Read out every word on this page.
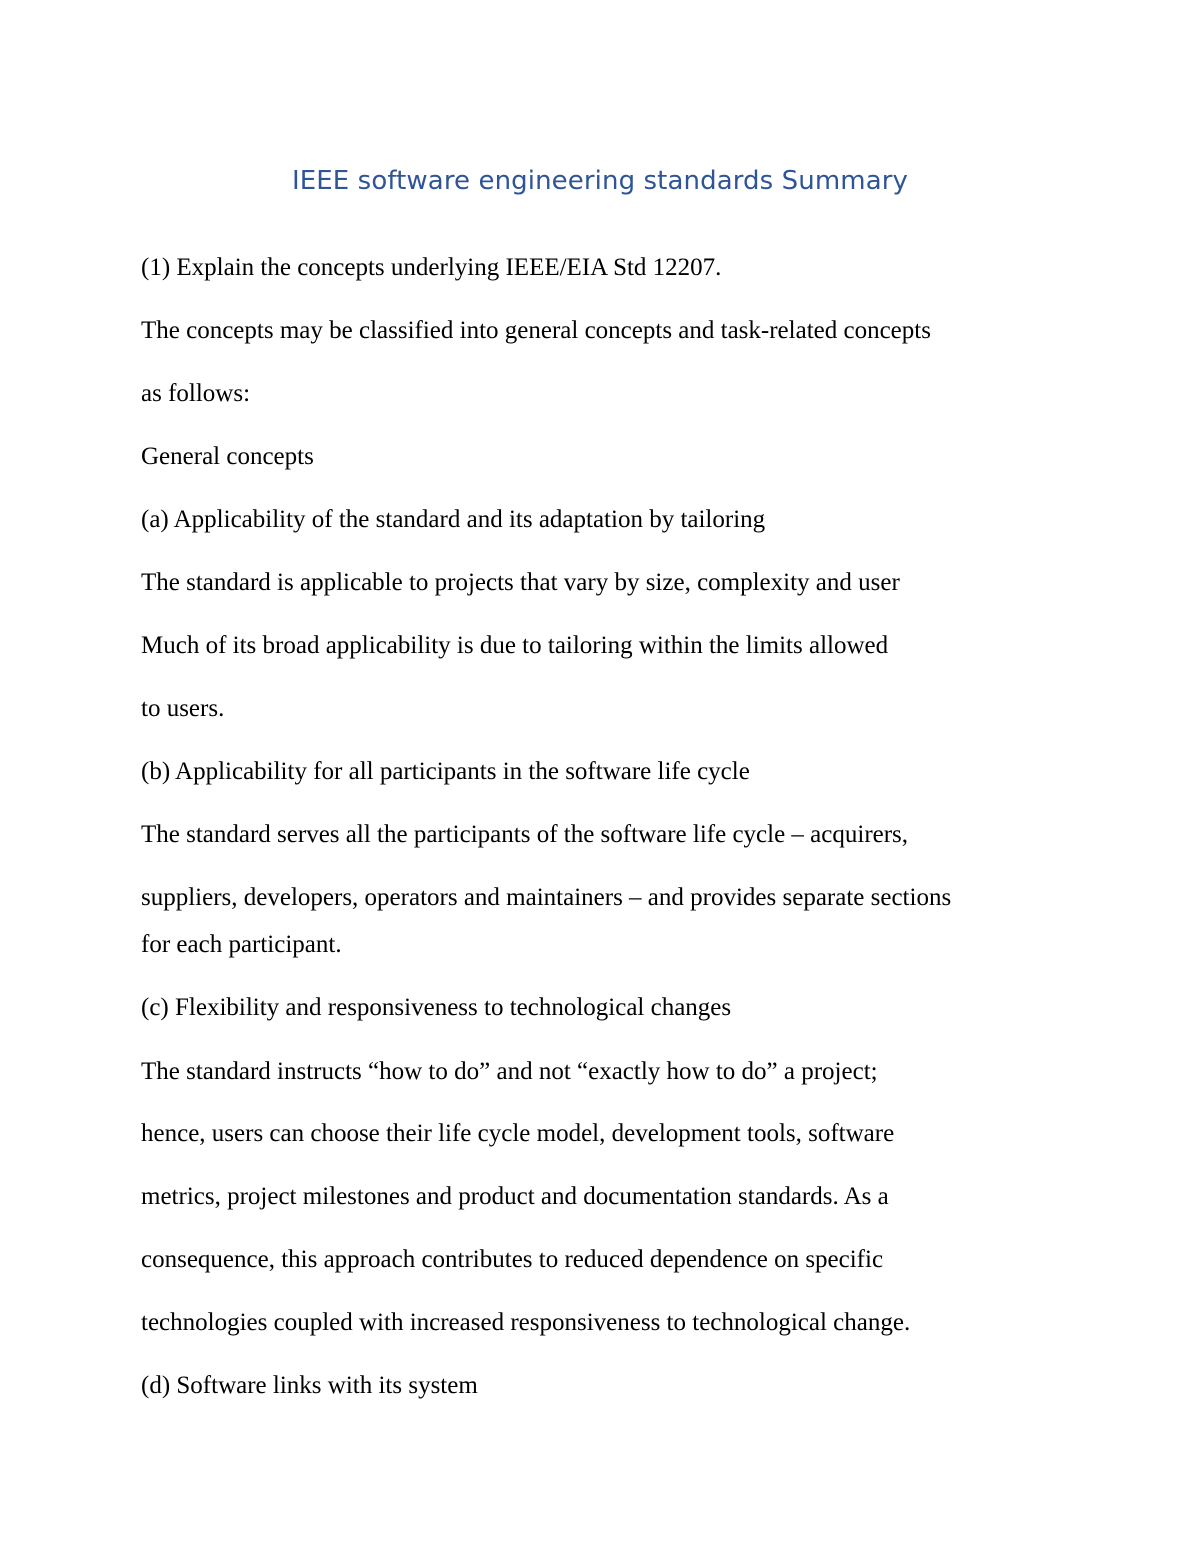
IEEE software engineering standards Summary
(1) Explain the concepts underlying IEEE/EIA Std 12207.
The concepts may be classified into general concepts and task-related concepts
as follows:
General concepts
(a) Applicability of the standard and its adaptation by tailoring
The standard is applicable to projects that vary by size, complexity and user
Much of its broad applicability is due to tailoring within the limits allowed
to users.
(b) Applicability for all participants in the software life cycle
The standard serves all the participants of the software life cycle – acquirers,
suppliers, developers, operators and maintainers – and provides separate sections
for each participant.
(c) Flexibility and responsiveness to technological changes
The standard instructs “how to do” and not “exactly how to do” a project;
hence, users can choose their life cycle model, development tools, software
metrics, project milestones and product and documentation standards. As a
consequence, this approach contributes to reduced dependence on specific
technologies coupled with increased responsiveness to technological change.
(d) Software links with its system
